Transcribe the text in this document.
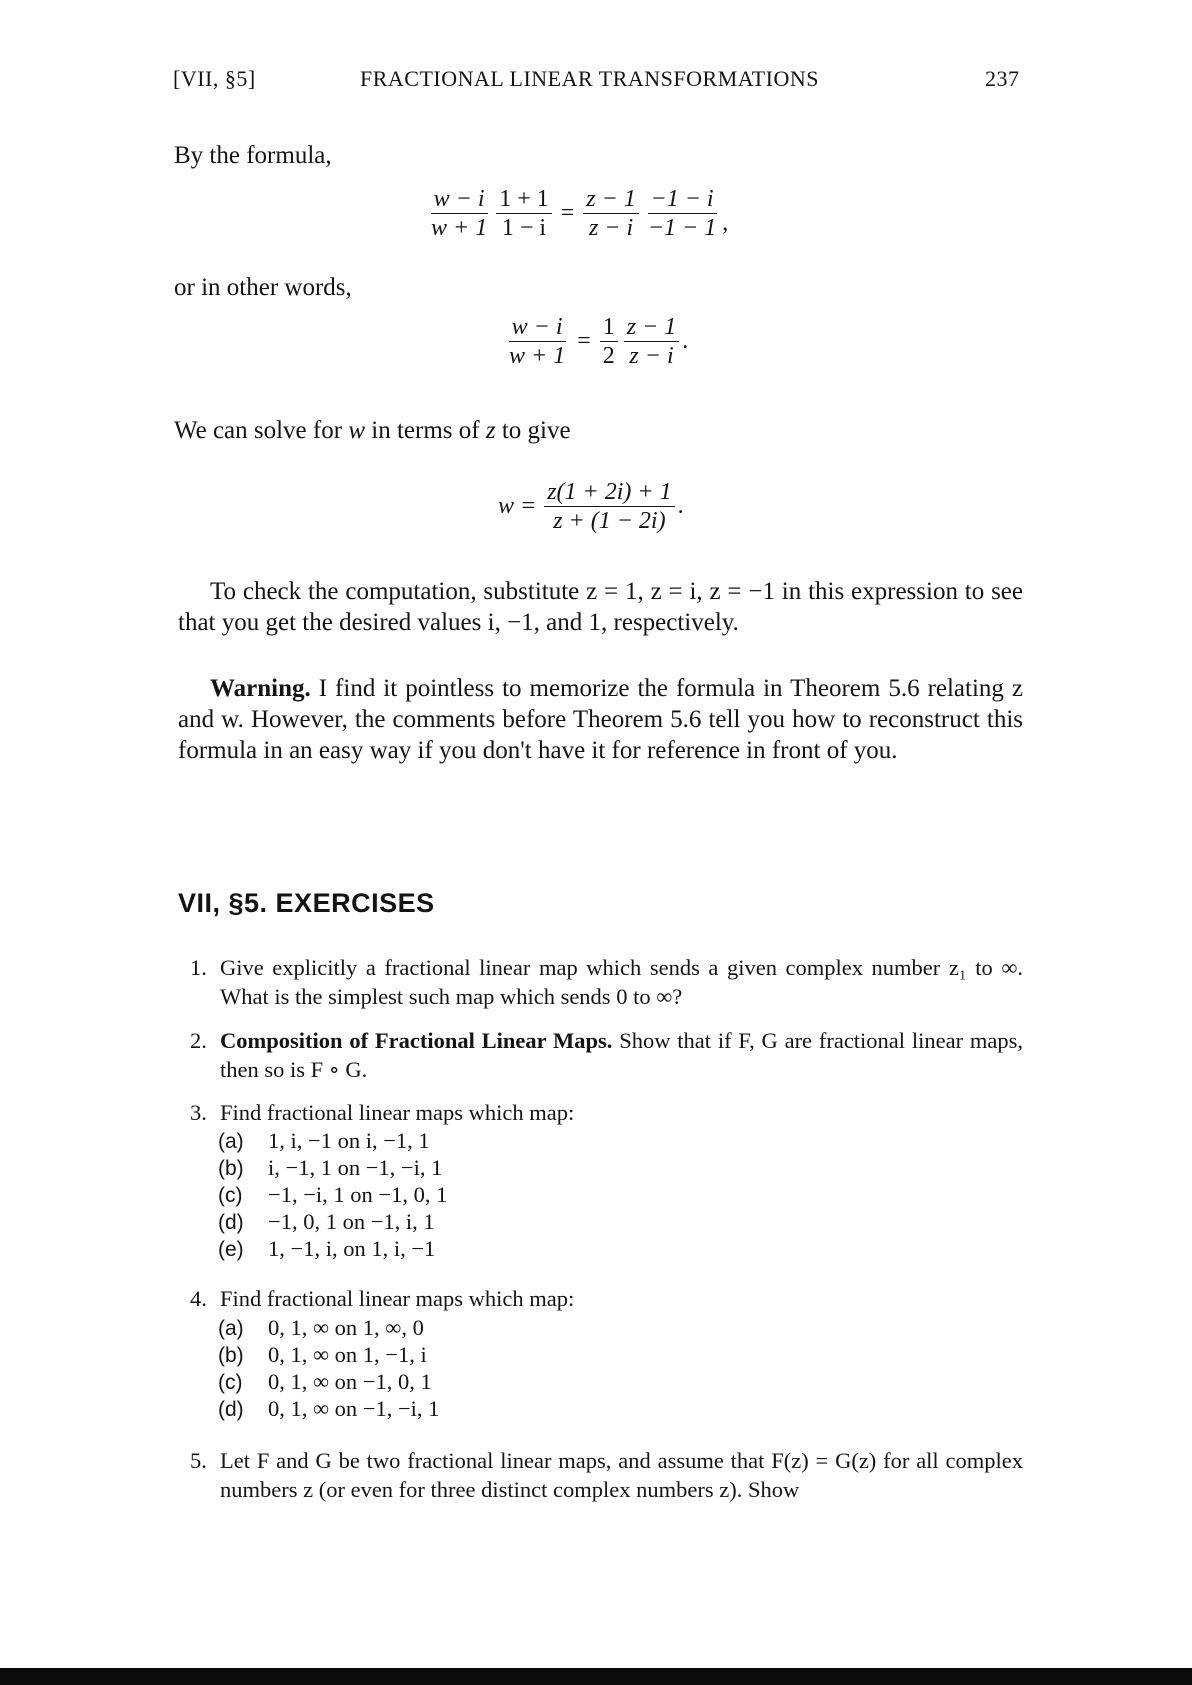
[VII, §5]	FRACTIONAL LINEAR TRANSFORMATIONS	237
By the formula,
$\frac{w - i}{w + 1} \frac{1 + 1}{1 - i} = \frac{z - 1}{z - i} \frac{-1 - i}{-1 - 1}$ ,
or in other words,
$\frac{w - i}{w + 1} = \frac{1}{2} \frac{z - 1}{z - i}$ .
We can solve for w in terms of z to give
$w = \frac{z(1 + 2i) + 1}{z + (1 - 2i)}$ .
To check the computation, substitute z = 1, z = i, z = −1 in this expression to see that you get the desired values i, −1, and 1, respectively.
Warning. I find it pointless to memorize the formula in Theorem 5.6 relating z and w. However, the comments before Theorem 5.6 tell you how to reconstruct this formula in an easy way if you don't have it for reference in front of you.
VII, §5. EXERCISES
1. Give explicitly a fractional linear map which sends a given complex number z₁ to ∞. What is the simplest such map which sends 0 to ∞?
2. Composition of Fractional Linear Maps. Show that if F, G are fractional linear maps, then so is F ∘ G.
3. Find fractional linear maps which map:
(a) 1, i, −1 on i, −1, 1
(b) i, −1, 1 on −1, −i, 1
(c) −1, −i, 1 on −1, 0, 1
(d) −1, 0, 1 on −1, i, 1
(e) 1, −1, i, on 1, i, −1
4. Find fractional linear maps which map:
(a) 0, 1, ∞ on 1, ∞, 0
(b) 0, 1, ∞ on 1, −1, i
(c) 0, 1, ∞ on −1, 0, 1
(d) 0, 1, ∞ on −1, −i, 1
5. Let F and G be two fractional linear maps, and assume that F(z) = G(z) for all complex numbers z (or even for three distinct complex numbers z). Show
